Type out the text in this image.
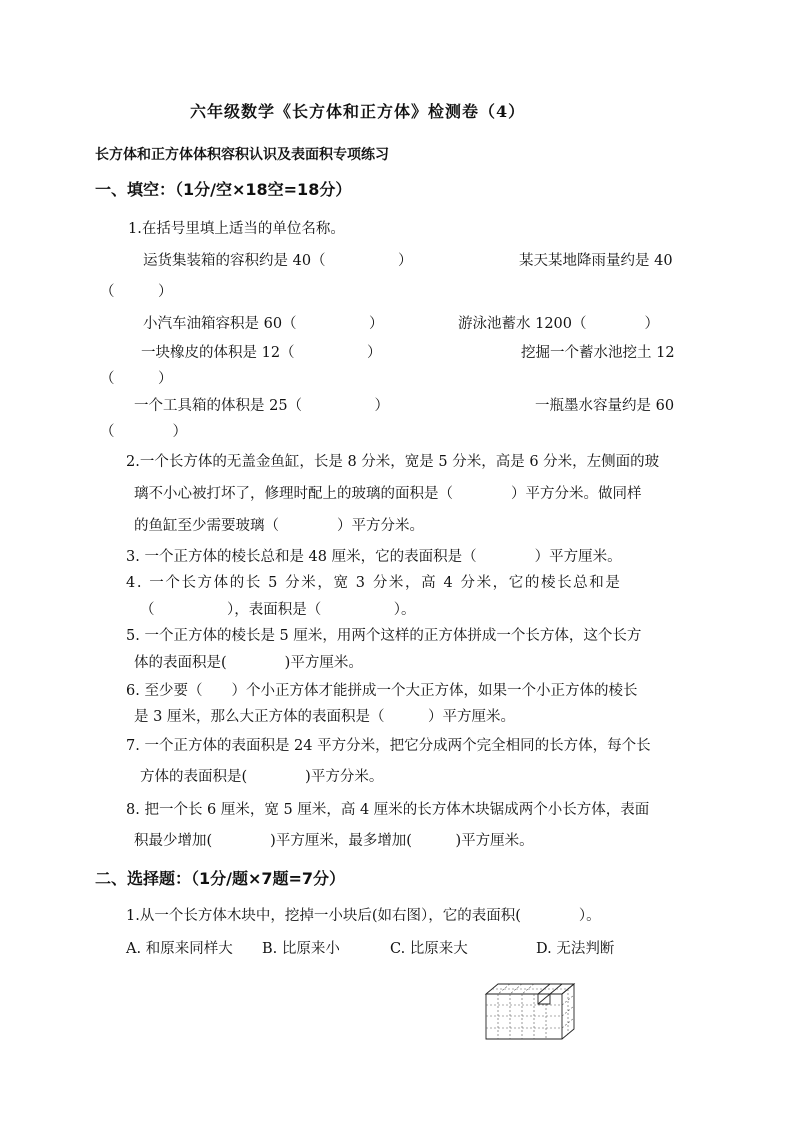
六年级数学《长方体和正方体》检测卷（4）
长方体和正方体体积容积认识及表面积专项练习
一、填空：（1分/空×18空=18分）
1.在括号里填上适当的单位名称。
运货集装箱的容积约是 40（　　　　　）	某天某地降雨量约是 40
（　　　）
小汽车油箱容积是 60（　　　　　）	游泳池蓄水 1200（　　　　）
一块橡皮的体积是 12（　　　　　）	挖掘一个蓄水池挖土 12
（　　　）
一个工具箱的体积是 25（　　　　　）	一瓶墨水容量约是 60
（　　　　）
2.一个长方体的无盖金鱼缸，长是 8 分米，宽是 5 分米，高是 6 分米，左侧面的玻
璃不小心被打坏了，修理时配上的玻璃的面积是（　　　　）平方分米。做同样
的鱼缸至少需要玻璃（　　　　）平方分米。
3. 一个正方体的棱长总和是 48 厘米，它的表面积是（　　　　）平方厘米。
4. 一个长方体的长 5 分米，宽 3 分米，高 4 分米，它的棱长总和是
（　　　　　），表面积是（　　　　　）。
5. 一个正方体的棱长是 5 厘米，用两个这样的正方体拼成一个长方体，这个长方
体的表面积是(　　　　)平方厘米。
6. 至少要（　　）个小正方体才能拼成一个大正方体，如果一个小正方体的棱长
是 3 厘米，那么大正方体的表面积是（　　　）平方厘米。
7. 一个正方体的表面积是 24 平方分米，把它分成两个完全相同的长方体，每个长
方体的表面积是(　　　　)平方分米。
8. 把一个长 6 厘米，宽 5 厘米，高 4 厘米的长方体木块锯成两个小长方体，表面
积最少增加(　　　　)平方厘米，最多增加(　　　)平方厘米。
二、选择题：（1分/题×7题=7分）
1.从一个长方体木块中，挖掉一小块后(如右图），它的表面积(　　　　）。
A. 和原来同样大 B. 比原来小	C. 比原来大	D. 无法判断
